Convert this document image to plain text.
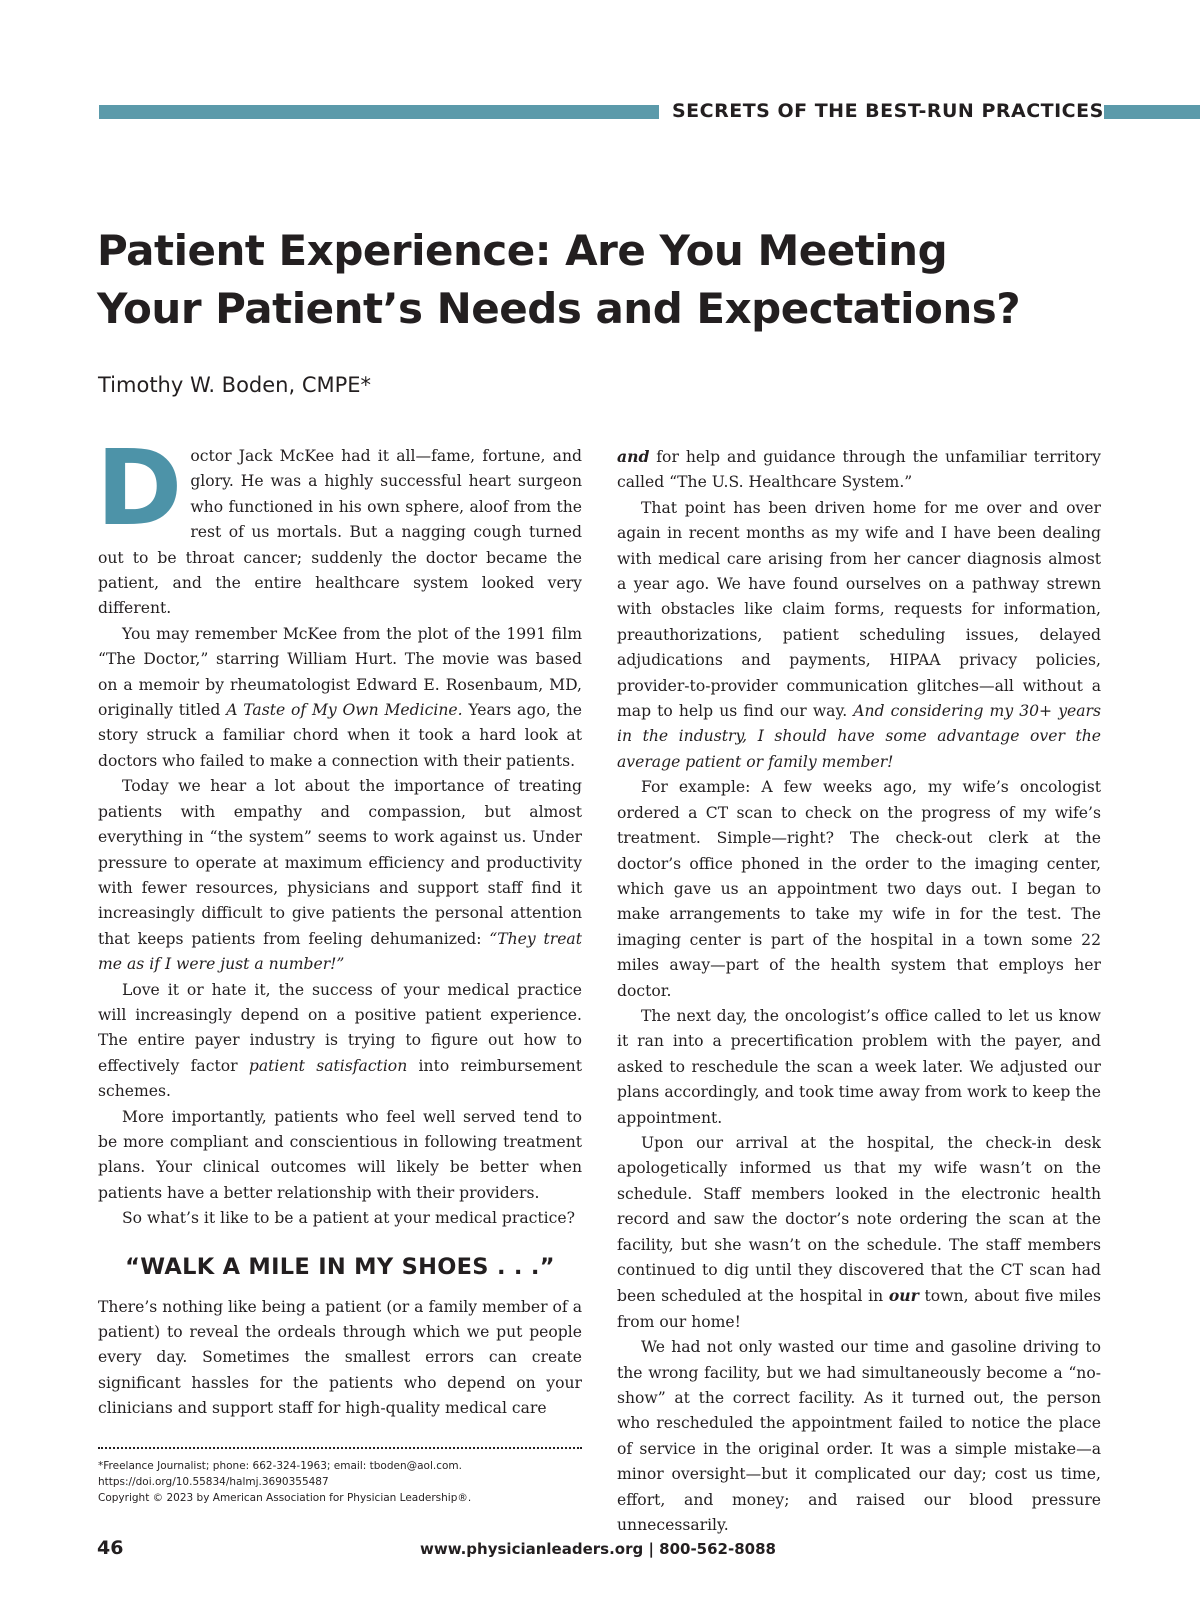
SECRETS OF THE BEST-RUN PRACTICES
Patient Experience: Are You Meeting
Your Patient’s Needs and Expectations?
Timothy W. Boden, CMPE*

Doctor Jack McKee had it all—fame, fortune, and glory. He was a highly successful heart surgeon who functioned in his own sphere, aloof from the rest of us mortals. But a nagging cough turned out to be throat cancer; suddenly the doctor became the patient, and the entire healthcare system looked very different.

You may remember McKee from the plot of the 1991 film “The Doctor,” starring William Hurt. The movie was based on a memoir by rheumatologist Edward E. Rosenbaum, MD, originally titled A Taste of My Own Medicine. Years ago, the story struck a familiar chord when it took a hard look at doctors who failed to make a connection with their patients.

Today we hear a lot about the importance of treating patients with empathy and compassion, but almost everything in “the system” seems to work against us. Under pressure to operate at maximum efficiency and productivity with fewer resources, physicians and support staff find it increasingly difficult to give patients the personal attention that keeps patients from feeling dehumanized: “They treat me as if I were just a number!”

Love it or hate it, the success of your medical practice will increasingly depend on a positive patient experience. The entire payer industry is trying to figure out how to effectively factor patient satisfaction into reimbursement schemes.

More importantly, patients who feel well served tend to be more compliant and conscientious in following treatment plans. Your clinical outcomes will likely be better when patients have a better relationship with their providers.

So what’s it like to be a patient at your medical practice?

“WALK A MILE IN MY SHOES . . .”

There’s nothing like being a patient (or a family member of a patient) to reveal the ordeals through which we put people every day. Sometimes the smallest errors can create significant hassles for the patients who depend on your clinicians and support staff for high-quality medical care

and for help and guidance through the unfamiliar territory called “The U.S. Healthcare System.”

That point has been driven home for me over and over again in recent months as my wife and I have been dealing with medical care arising from her cancer diagnosis almost a year ago. We have found ourselves on a pathway strewn with obstacles like claim forms, requests for information, preauthorizations, patient scheduling issues, delayed adjudications and payments, HIPAA privacy policies, provider-to-provider communication glitches—all without a map to help us find our way. And considering my 30+ years in the industry, I should have some advantage over the average patient or family member!

For example: A few weeks ago, my wife’s oncologist ordered a CT scan to check on the progress of my wife’s treatment. Simple—right? The check-out clerk at the doctor’s office phoned in the order to the imaging center, which gave us an appointment two days out. I began to make arrangements to take my wife in for the test. The imaging center is part of the hospital in a town some 22 miles away—part of the health system that employs her doctor.

The next day, the oncologist’s office called to let us know it ran into a precertification problem with the payer, and asked to reschedule the scan a week later. We adjusted our plans accordingly, and took time away from work to keep the appointment.

Upon our arrival at the hospital, the check-in desk apologetically informed us that my wife wasn’t on the schedule. Staff members looked in the electronic health record and saw the doctor’s note ordering the scan at the facility, but she wasn’t on the schedule. The staff members continued to dig until they discovered that the CT scan had been scheduled at the hospital in our town, about five miles from our home!

We had not only wasted our time and gasoline driving to the wrong facility, but we had simultaneously become a “no-show” at the correct facility. As it turned out, the person who rescheduled the appointment failed to notice the place of service in the original order. It was a simple mistake—a minor oversight—but it complicated our day; cost us time, effort, and money; and raised our blood pressure unnecessarily.

*Freelance Journalist; phone: 662-324-1963; email: tboden@aol.com.
https://doi.org/10.55834/halmj.3690355487
Copyright © 2023 by American Association for Physician Leadership®.
46	www.physicianleaders.org | 800-562-8088
